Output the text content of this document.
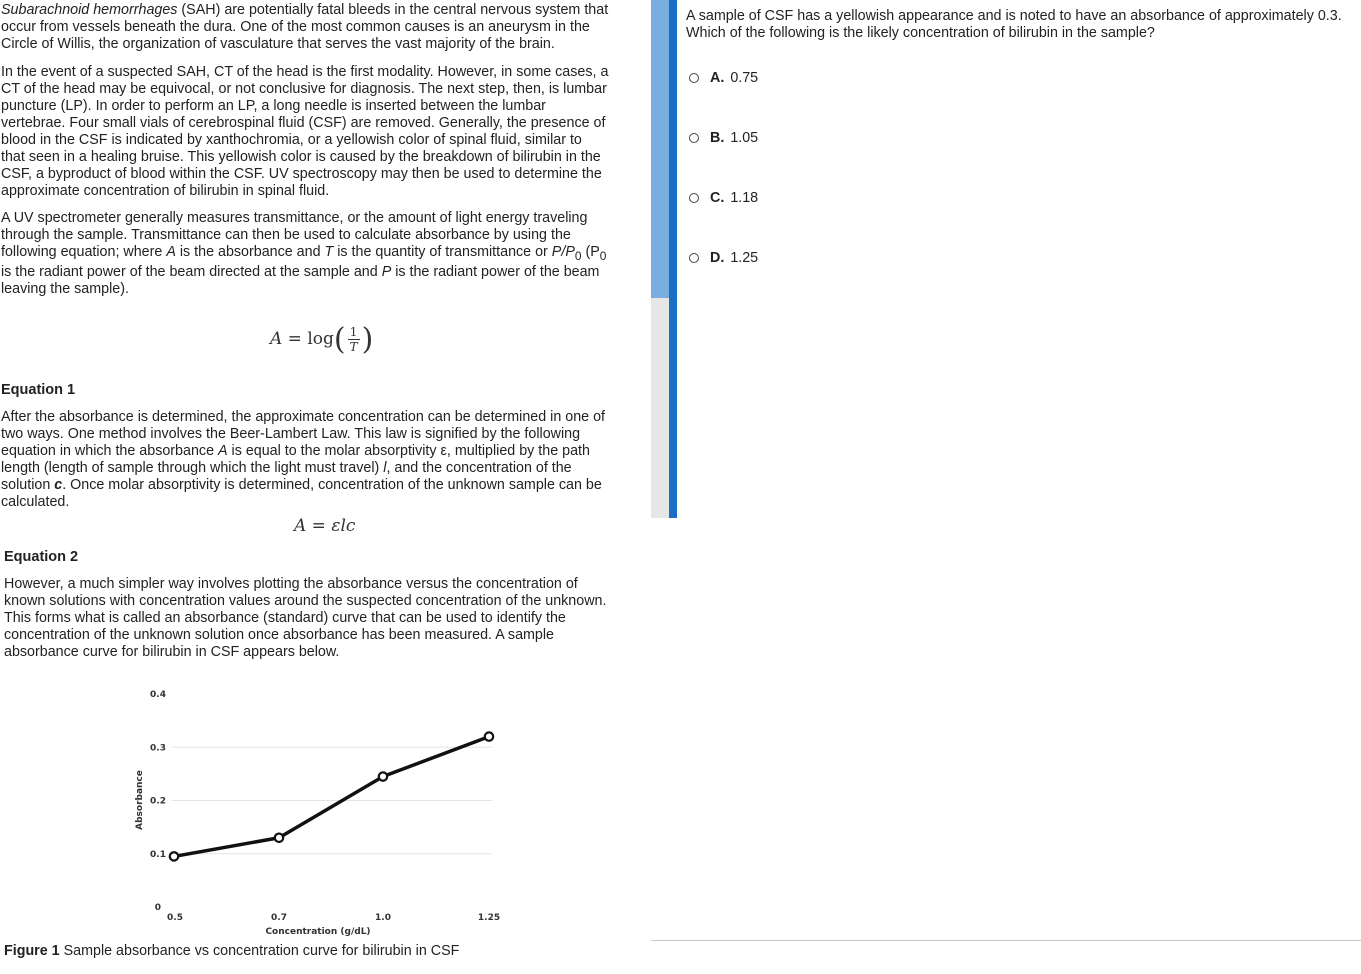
Subarachnoid hemorrhages (SAH) are potentially fatal bleeds in the central nervous system that

occur from vessels beneath the dura. One of the most common causes is an aneurysm in the

Circle of Willis, the organization of vasculature that serves the vast majority of the brain.

In the event of a suspected SAH, CT of the head is the first modality. However, in some cases, a

CT of the head may be equivocal, or not conclusive for diagnosis. The next step, then, is lumbar

puncture (LP). In order to perform an LP, a long needle is inserted between the lumbar

vertebrae. Four small vials of cerebrospinal fluid (CSF) are removed. Generally, the presence of

blood in the CSF is indicated by xanthochromia, or a yellowish color of spinal fluid, similar to

that seen in a healing bruise. This yellowish color is caused by the breakdown of bilirubin in the

CSF, a byproduct of blood within the CSF. UV spectroscopy may then be used to determine the

approximate concentration of bilirubin in spinal fluid.

A UV spectrometer generally measures transmittance, or the amount of light energy traveling

through the sample. Transmittance can then be used to calculate absorbance by using the

following equation; where A is the absorbance and T is the quantity of transmittance or $P/P_0$ ($P_0$

is the radiant power of the beam directed at the sample and P is the radiant power of the beam

leaving the sample).

$A = \log( \frac{1}{T}$ )

Equation 1

After the absorbance is determined, the approximate concentration can be determined in one of

two ways. One method involves the Beer-Lambert Law. This law is signified by the following

equation in which the absorbance A is equal to the molar absorptivity ε, multiplied by the path

length (length of sample through which the light must travel) l, and the concentration of the

solution c. Once molar absorptivity is determined, concentration of the unknown sample can be

calculated.

A = εlc

Equation 2

However, a much simpler way involves plotting the absorbance versus the concentration of

known solutions with concentration values around the suspected concentration of the unknown.

This forms what is called an absorbance (standard) curve that can be used to identify the

concentration of the unknown solution once absorbance has been measured. A sample

absorbance curve for bilirubin in CSF appears below.

0
0.1
0.2
0.3
0.4
0.5	0.7	1.0	1.25
Concentration (g/dL)
Absorbance
Figure 1 Sample absorbance vs concentration curve for bilirubin in CSF
A sample of CSF has a yellowish appearance and is noted to have an absorbance of approximately 0.3. Which of the following is the likely concentration of bilirubin in the sample?
A. 0.75
B. 1.05
C. 1.18
D. 1.25
